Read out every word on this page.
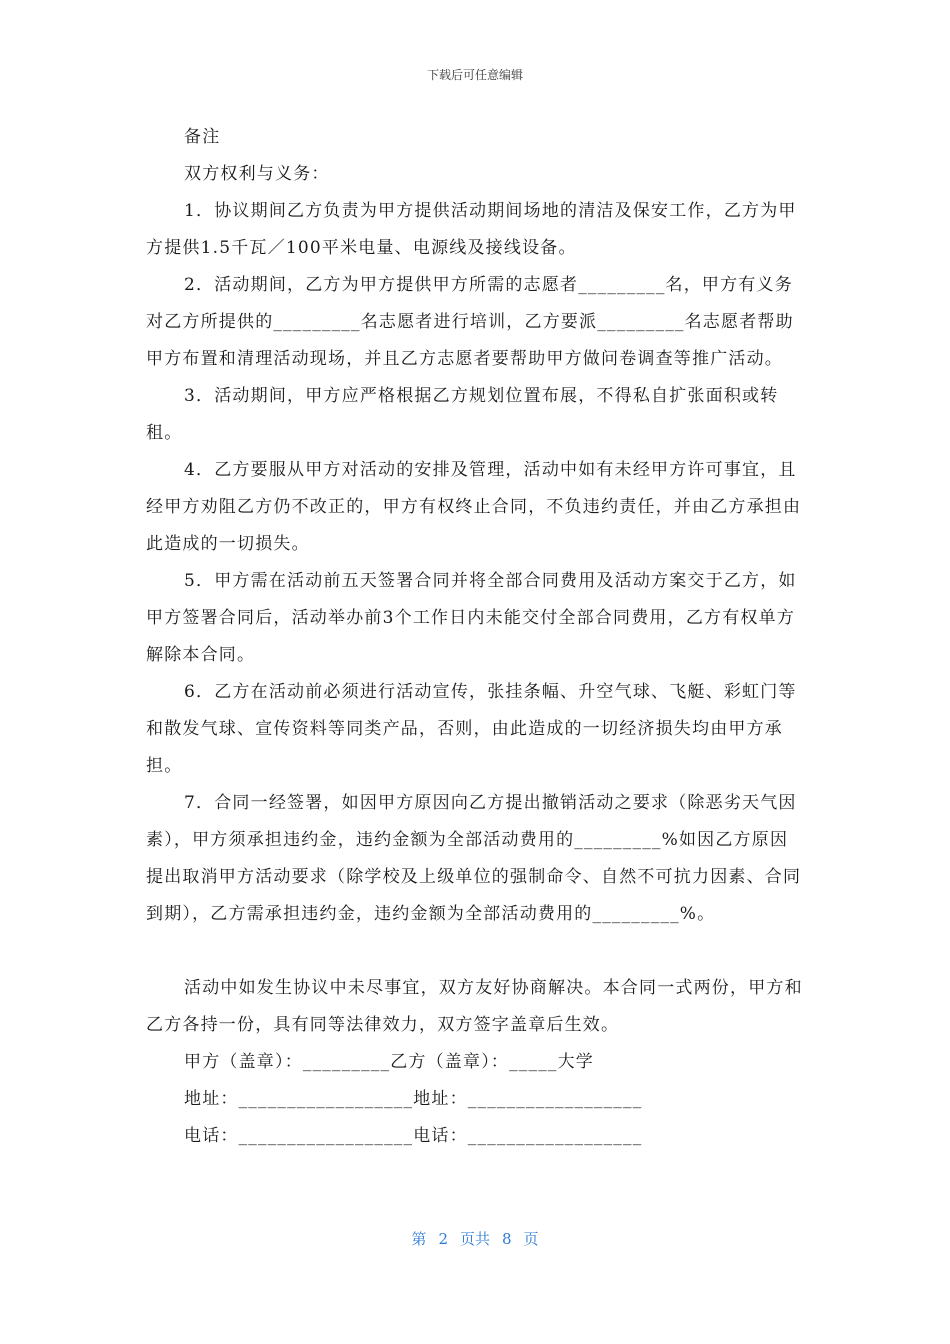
下载后可任意编辑

备注

双方权利与义务：

1．协议期间乙方负责为甲方提供活动期间场地的清洁及保安工作，乙方为甲方提供1.5千瓦／100平米电量、电源线及接线设备。

2．活动期间，乙方为甲方提供甲方所需的志愿者_________名，甲方有义务对乙方所提供的_________名志愿者进行培训，乙方要派_________名志愿者帮助甲方布置和清理活动现场，并且乙方志愿者要帮助甲方做问卷调查等推广活动。

3．活动期间，甲方应严格根据乙方规划位置布展，不得私自扩张面积或转租。

4．乙方要服从甲方对活动的安排及管理，活动中如有未经甲方许可事宜，且经甲方劝阻乙方仍不改正的，甲方有权终止合同，不负违约责任，并由乙方承担由此造成的一切损失。

5．甲方需在活动前五天签署合同并将全部合同费用及活动方案交于乙方，如甲方签署合同后，活动举办前3个工作日内未能交付全部合同费用，乙方有权单方解除本合同。

6．乙方在活动前必须进行活动宣传，张挂条幅、升空气球、飞艇、彩虹门等和散发气球、宣传资料等同类产品，否则，由此造成的一切经济损失均由甲方承担。

7．合同一经签署，如因甲方原因向乙方提出撤销活动之要求（除恶劣天气因素），甲方须承担违约金，违约金额为全部活动费用的_________%如因乙方原因提出取消甲方活动要求（除学校及上级单位的强制命令、自然不可抗力因素、合同到期），乙方需承担违约金，违约金额为全部活动费用的_________%。

活动中如发生协议中未尽事宜，双方友好协商解决。本合同一式两份，甲方和乙方各持一份，具有同等法律效力，双方签字盖章后生效。

甲方（盖章）：_________乙方（盖章）：_____大学

地址：__________________地址：__________________

电话：__________________电话：__________________

第 2 页共 8 页
